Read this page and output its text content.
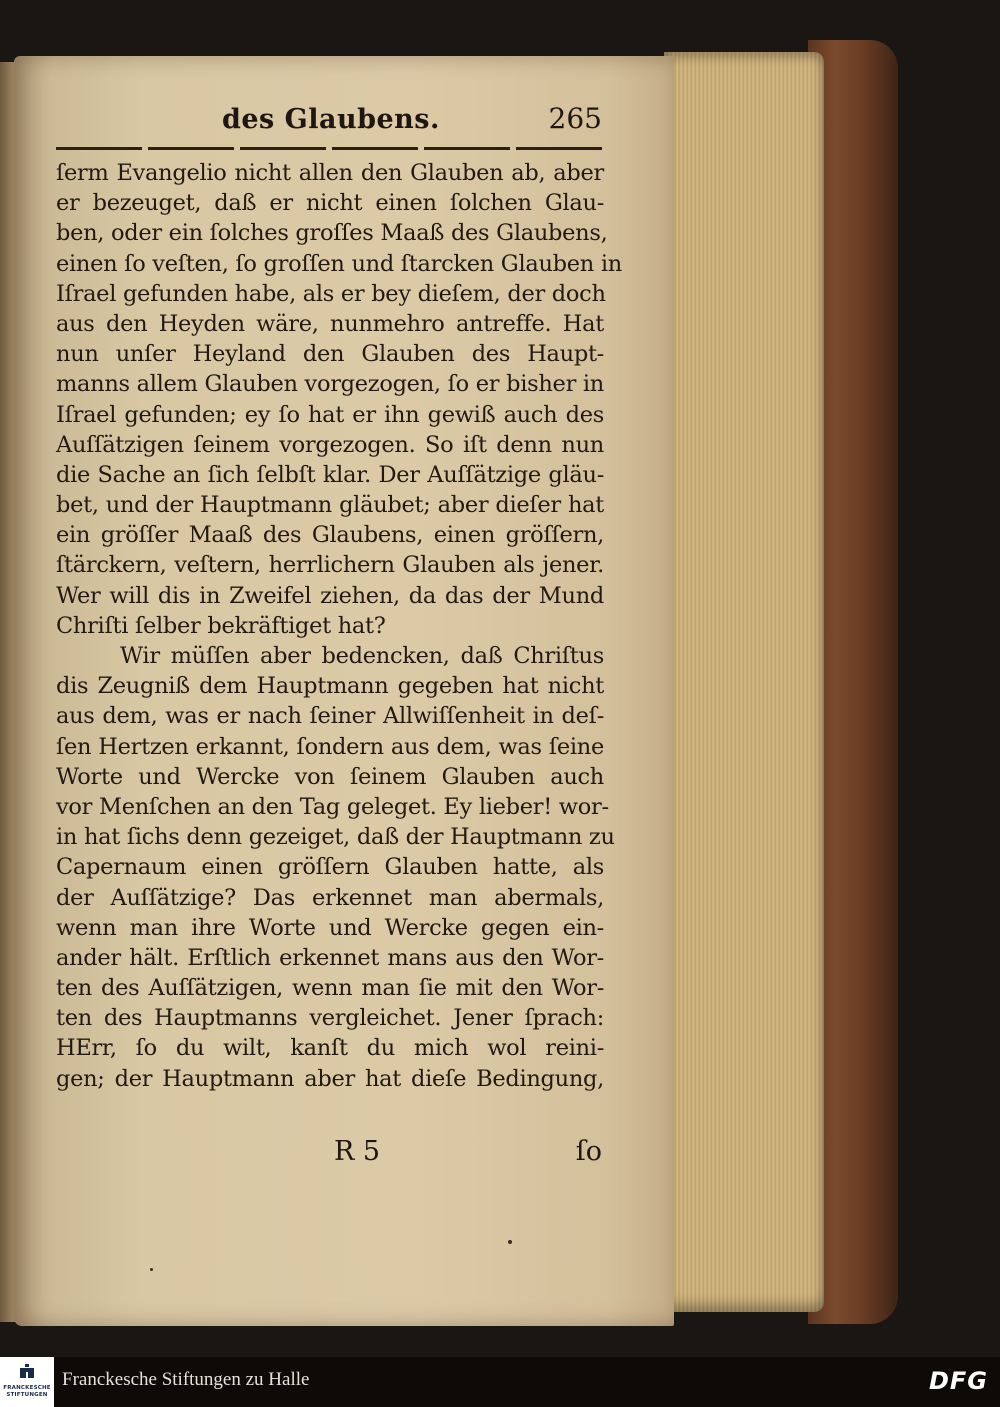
des Glaubens.	265
ſerm Evangelio nicht allen den Glauben ab, aber
er bezeuget, daß er nicht einen ſolchen Glau-
ben, oder ein ſolches groſſes Maaß des Glaubens,
einen ſo veſten, ſo groſſen und ſtarcken Glauben in
Iſrael gefunden habe, als er bey dieſem, der doch
aus den Heyden wäre, nunmehro antreffe. Hat
nun unſer Heyland den Glauben des Haupt-
manns allem Glauben vorgezogen, ſo er bisher in
Iſrael gefunden; ey ſo hat er ihn gewiß auch des
Auſſätzigen ſeinem vorgezogen. So iſt denn nun
die Sache an ſich ſelbſt klar. Der Auſſätzige gläu-
bet, und der Hauptmann gläubet; aber dieſer hat
ein gröſſer Maaß des Glaubens, einen gröſſern,
ſtärckern, veſtern, herrlichern Glauben als jener.
Wer will dis in Zweifel ziehen, da das der Mund
Chriſti ſelber bekräftiget hat?
Wir müſſen aber bedencken, daß Chriſtus
dis Zeugniß dem Hauptmann gegeben hat nicht
aus dem, was er nach ſeiner Allwiſſenheit in deſ-
ſen Hertzen erkannt, ſondern aus dem, was ſeine
Worte und Wercke von ſeinem Glauben auch
vor Menſchen an den Tag geleget. Ey lieber! wor-
in hat ſichs denn gezeiget, daß der Hauptmann zu
Capernaum einen gröſſern Glauben hatte, als
der Auſſätzige? Das erkennet man abermals,
wenn man ihre Worte und Wercke gegen ein-
ander hält. Erſtlich erkennet mans aus den Wor-
ten des Auſſätzigen, wenn man ſie mit den Wor-
ten des Hauptmanns vergleichet. Jener ſprach:
HErr, ſo du wilt, kanſt du mich wol reini-
gen; der Hauptmann aber hat dieſe Bedingung,
R 5	ſo
FRANCKESCHE STIFTUNGEN
Franckesche Stiftungen zu Halle	DFG
